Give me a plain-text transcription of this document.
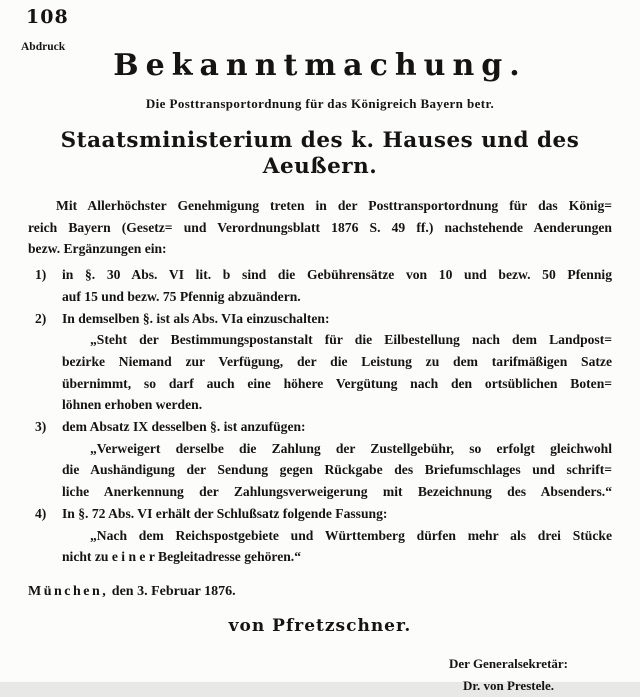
108
Abdruck
Bekanntmachung.
Die Posttransportordnung für das Königreich Bayern betr.
Staatsministerium des k. Hauses und des Aeußern.
Mit Allerhöchster Genehmigung treten in der Posttransportordnung für das König=
reich Bayern (Gesetz= und Verordnungsblatt 1876 S. 49 ff.) nachstehende Aenderungen
bezw. Ergänzungen ein:
1)	in §. 30 Abs. VI lit. b sind die Gebührensätze von 10 und bezw. 50 Pfennig
auf 15 und bezw. 75 Pfennig abzuändern.
2)	In demselben §. ist als Abs. VIa einzuschalten:
„Steht der Bestimmungspostanstalt für die Eilbestellung nach dem Landpost=
bezirke Niemand zur Verfügung, der die Leistung zu dem tarifmäßigen Satze
übernimmt, so darf auch eine höhere Vergütung nach den ortsüblichen Boten=
löhnen erhoben werden.
3)	dem Absatz IX desselben §. ist anzufügen:
„Verweigert derselbe die Zahlung der Zustellgebühr, so erfolgt gleichwohl
die Aushändigung der Sendung gegen Rückgabe des Briefumschlages und schrift=
liche Anerkennung der Zahlungsverweigerung mit Bezeichnung des Absenders.“
4)	In §. 72 Abs. VI erhält der Schlußsatz folgende Fassung:
„Nach dem Reichspostgebiete und Württemberg dürfen mehr als drei Stücke
nicht zu e i n e r Begleitadresse gehören.“
München, den 3. Februar 1876.
von Pfretzschner.
Der Generalsekretär:
Dr. von Prestele.
